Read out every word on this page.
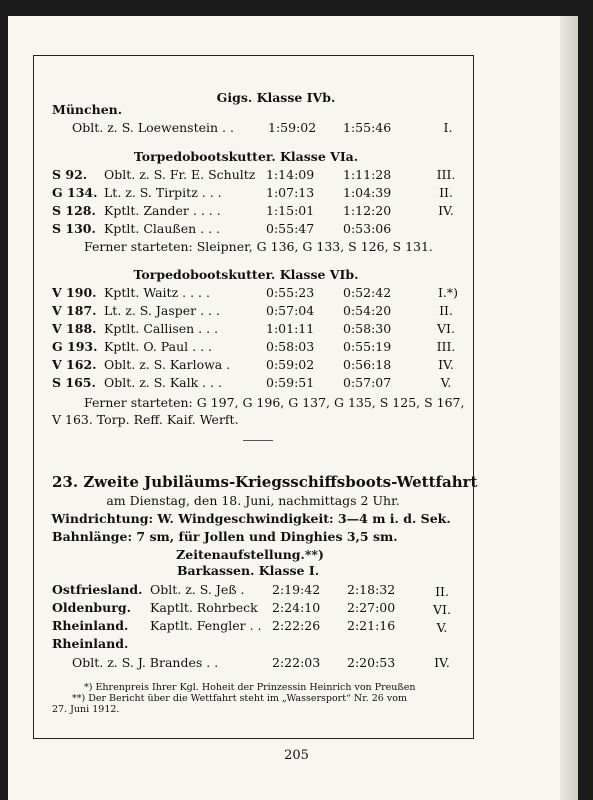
Gigs. Klasse IVb.
München.
Oblt. z. S. Loewenstein . .	1:59:02 1:55:46	I.
Torpedobootskutter. Klasse VIa.
S 92. Oblt. z. S. Fr. E. Schultz 1:14:09 1:11:28	III.
G 134. Lt. z. S. Tirpitz . . .	1:07:13 1:04:39	II.
S 128. Kptlt. Zander . . . .	1:15:01 1:12:20	IV.
S 130. Kptlt. Claußen . . .	0:55:47 0:53:06
Ferner starteten: Sleipner, G 136, G 133, S 126, S 131.
Torpedobootskutter. Klasse VIb.
V 190. Kptlt. Waitz . . . .	0:55:23 0:52:42	I.*)
V 187. Lt. z. S. Jasper . . .	0:57:04 0:54:20	II.
V 188. Kptlt. Callisen . . .	1:01:11 0:58:30	VI.
G 193. Kptlt. O. Paul . . .	0:58:03 0:55:19	III.
V 162. Oblt. z. S. Karlowa .	0:59:02 0:56:18	IV.
S 165. Oblt. z. S. Kalk . . .	0:59:51 0:57:07	V.
Ferner starteten: G 197, G 196, G 137, G 135, S 125, S 167,
V 163. Torp. Reff. Kaif. Werft.
23. Zweite Jubiläums-Kriegsschiffsboots-Wettfahrt
am Dienstag, den 18. Juni, nachmittags 2 Uhr.
Windrichtung: W. Windgeschwindigkeit: 3—4 m i. d. Sek.
Bahnlänge: 7 sm, für Jollen und Dinghies 3,5 sm.
Zeitenaufstellung.**)
Barkassen. Klasse I.
Ostfriesland. Oblt. z. S. Jeß . 2:19:42 2:18:32	II.
Oldenburg. Kaptlt. Rohrbeck 2:24:10 2:27:00	VI.
Rheinland. Kaptlt. Fengler . . 2:22:26 2:21:16	V.
Rheinland.
Oblt. z. S. J. Brandes . .	2:22:03 2:20:53	IV.
*) Ehrenpreis Ihrer Kgl. Hoheit der Prinzessin Heinrich von Preußen
**) Der Bericht über die Wettfahrt steht im „Wassersport“ Nr. 26 vom
27. Juni 1912.
205
